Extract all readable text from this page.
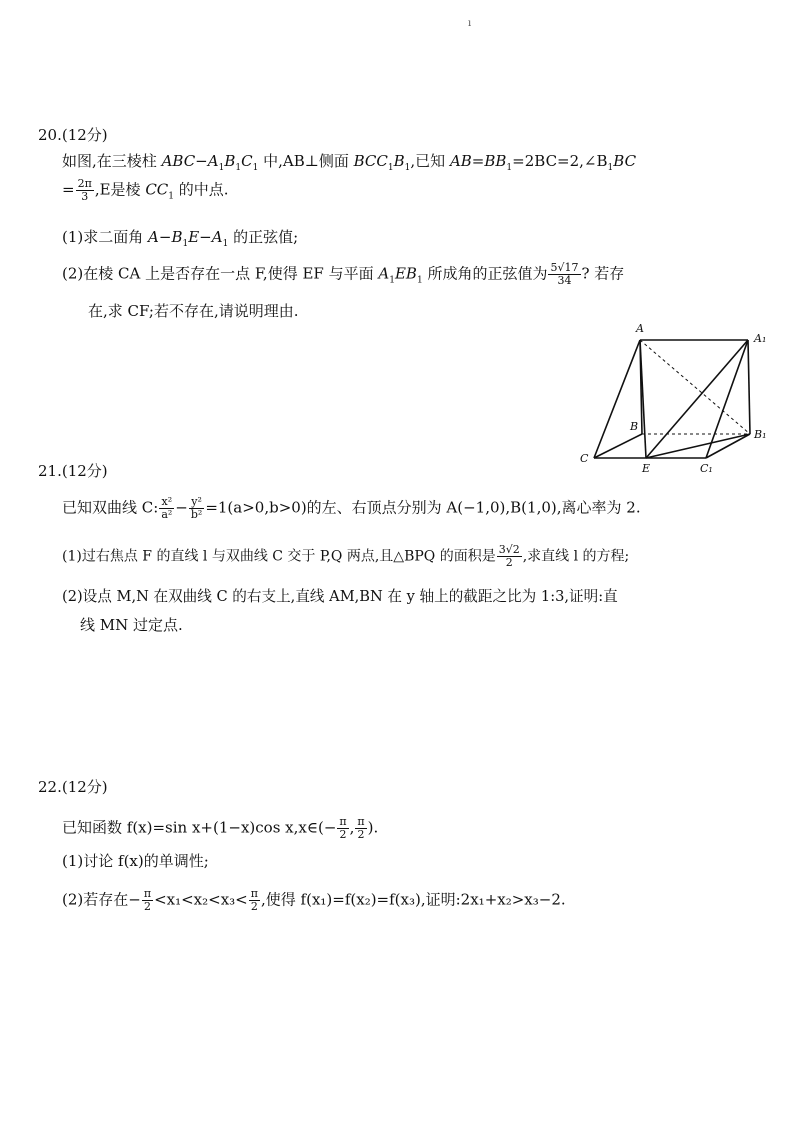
ı
20.(12分)
如图,在三棱柱 $ABC-A_1B_1C_1$ 中,AB⊥侧面 $BCC_1B_1$,已知 $AB=BB_1=2BC=2,\angle B_1BC$
= $\frac{2\pi}{3} ,E$是棱 $CC_1$ 的中点.
(1)求二面角 $A-B_1E-A_1$ 的正弦值;
(2)在棱 CA 上是否存在一点 F,使得 EF 与平面 $A_1EB_1$ 所成角的正弦值为 $\frac{5√17}{34}$ ? 若存
在,求 CF;若不存在,请说明理由.
A
A₁
B
B₁
C
E	C₁
21.(12分)
已知双曲线 C: $\frac{\text{x²}}{\text{a²}} - \frac{\text{y²}}{\text{b²}} =1(a>0,b>0)$的左、右顶点分别为 A(−1,0),B(1,0),离心率为 2.
(1)过右焦点 F 的直线 l 与双曲线 C 交于 P,Q 两点,且△BPQ 的面积是 $\frac{3√2}{2}$ ,求直线 l 的方程;
(2)设点 M,N 在双曲线 C 的右支上,直线 AM,BN 在 y 轴上的截距之比为 1:3,证明:直
线 MN 过定点.
22.(12分)
已知函数 f(x)=sin x+(1−x)cos x,x∈(− $\frac{\pi}{2}$ , $\frac{\pi}{2}$ ).
(1)讨论 f(x)的单调性;
(2)若存在− $\frac{\pi}{2} <x_1<x_2<x_3< \frac{\pi}{2}$ ,使得 f(x₁)=f(x₂)=f(x₃),证明:2x₁+x₂>x₃−2.
